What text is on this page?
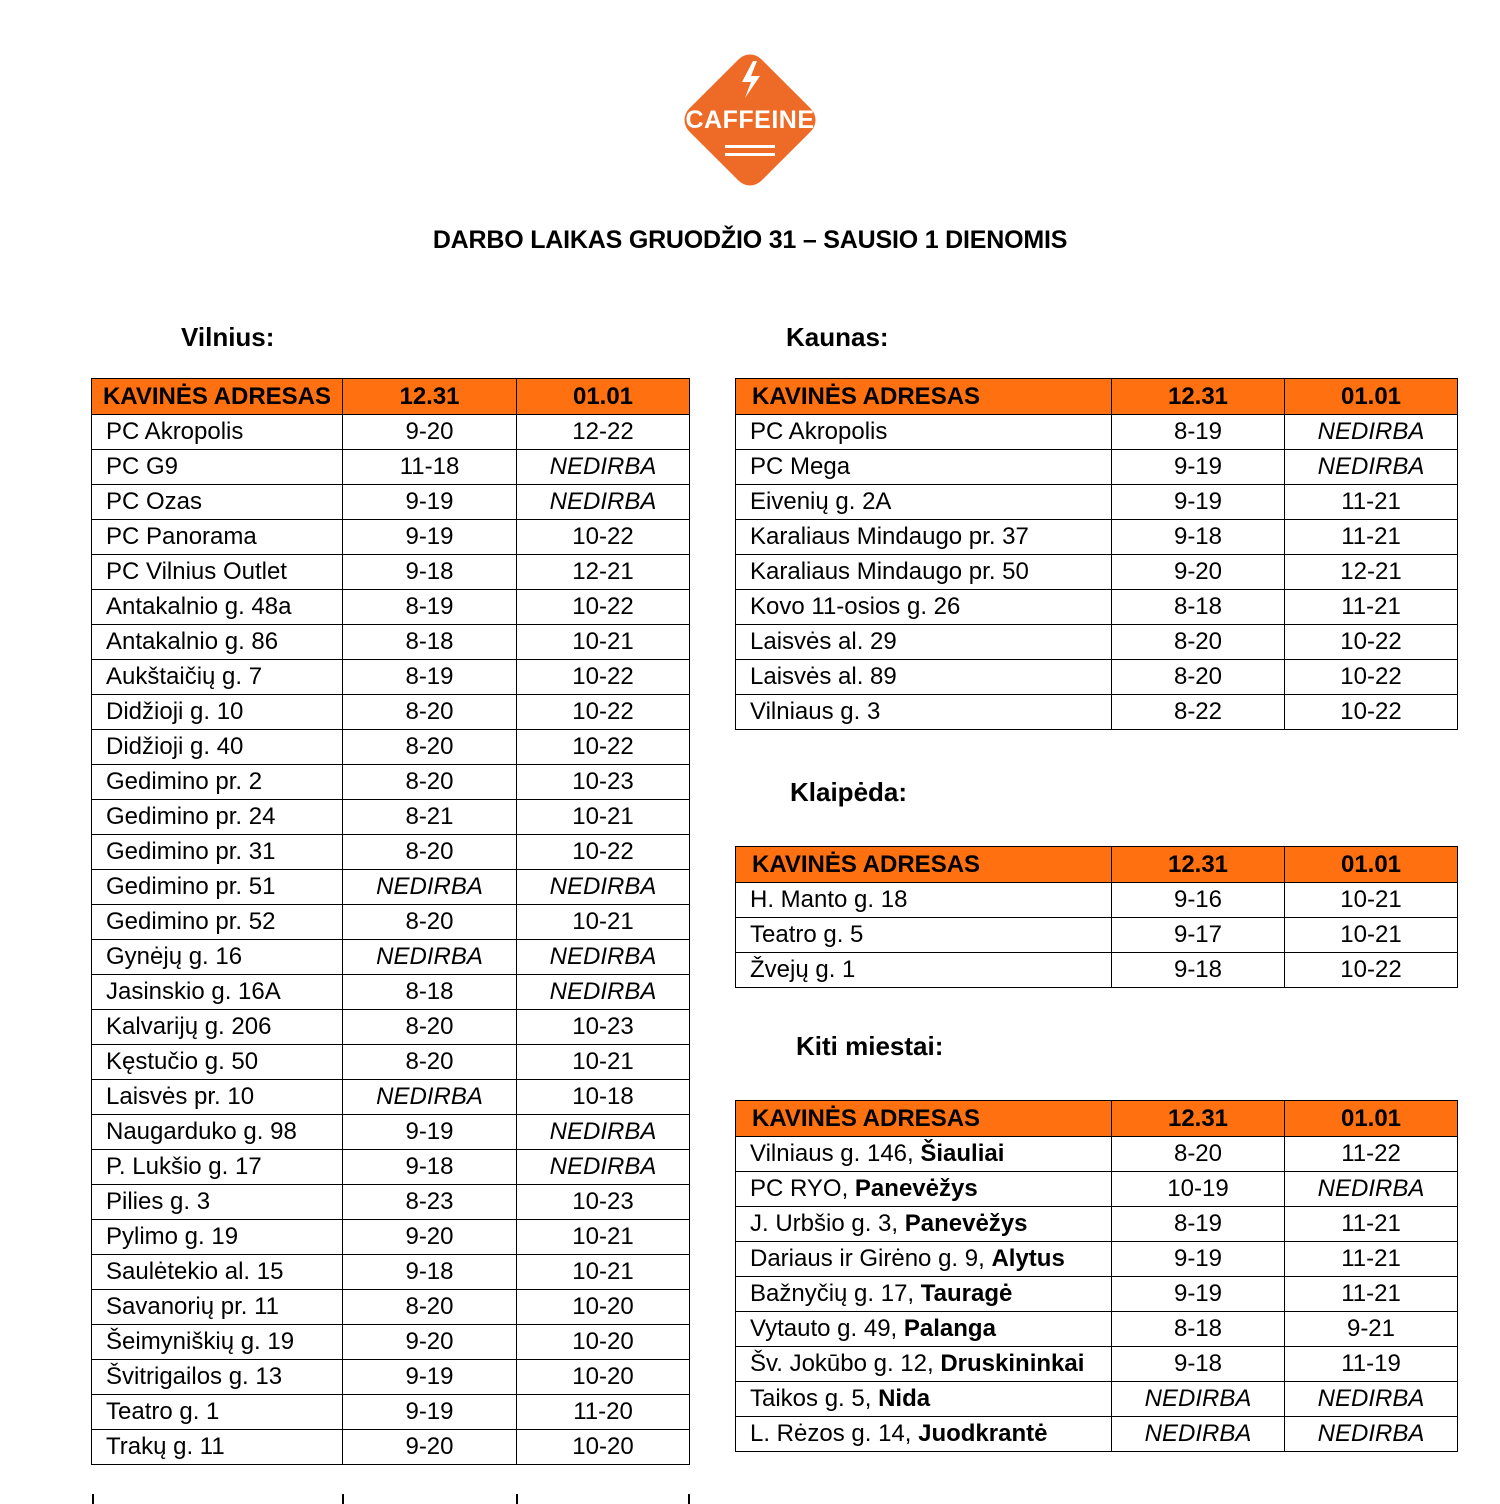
CAFFEINE
DARBO LAIKAS GRUODŽIO 31 – SAUSIO 1 DIENOMIS
Vilnius:
KAVINĖS ADRESAS	12.31	01.01
PC Akropolis	9-20	12-22
PC G9	11-18	NEDIRBA
PC Ozas	9-19	NEDIRBA
PC Panorama	9-19	10-22
PC Vilnius Outlet	9-18	12-21
Antakalnio g. 48a	8-19	10-22
Antakalnio g. 86	8-18	10-21
Aukštaičių g. 7	8-19	10-22
Didžioji g. 10	8-20	10-22
Didžioji g. 40	8-20	10-22
Gedimino pr. 2	8-20	10-23
Gedimino pr. 24	8-21	10-21
Gedimino pr. 31	8-20	10-22
Gedimino pr. 51	NEDIRBA	NEDIRBA
Gedimino pr. 52	8-20	10-21
Gynėjų g. 16	NEDIRBA	NEDIRBA
Jasinskio g. 16A	8-18	NEDIRBA
Kalvarijų g. 206	8-20	10-23
Kęstučio g. 50	8-20	10-21
Laisvės pr. 10	NEDIRBA	10-18
Naugarduko g. 98	9-19	NEDIRBA
P. Lukšio g. 17	9-18	NEDIRBA
Pilies g. 3	8-23	10-23
Pylimo g. 19	9-20	10-21
Saulėtekio al. 15	9-18	10-21
Savanorių pr. 11	8-20	10-20
Šeimyniškių g. 19	9-20	10-20
Švitrigailos g. 13	9-19	10-20
Teatro g. 1	9-19	11-20
Trakų g. 11	9-20	10-20
Kaunas:
KAVINĖS ADRESAS	12.31	01.01
PC Akropolis	8-19	NEDIRBA
PC Mega	9-19	NEDIRBA
Eivenių g. 2A	9-19	11-21
Karaliaus Mindaugo pr. 37	9-18	11-21
Karaliaus Mindaugo pr. 50	9-20	12-21
Kovo 11-osios g. 26	8-18	11-21
Laisvės al. 29	8-20	10-22
Laisvės al. 89	8-20	10-22
Vilniaus g. 3	8-22	10-22
Klaipėda:
KAVINĖS ADRESAS	12.31	01.01
H. Manto g. 18	9-16	10-21
Teatro g. 5	9-17	10-21
Žvejų g. 1	9-18	10-22
Kiti miestai:
KAVINĖS ADRESAS	12.31	01.01
Vilniaus g. 146, Šiauliai	8-20	11-22
PC RYO, Panevėžys	10-19	NEDIRBA
J. Urbšio g. 3, Panevėžys	8-19	11-21
Dariaus ir Girėno g. 9, Alytus	9-19	11-21
Bažnyčių g. 17, Tauragė	9-19	11-21
Vytauto g. 49, Palanga	8-18	9-21
Šv. Jokūbo g. 12, Druskininkai	9-18	11-19
Taikos g. 5, Nida	NEDIRBA	NEDIRBA
L. Rėzos g. 14, Juodkrantė	NEDIRBA	NEDIRBA
